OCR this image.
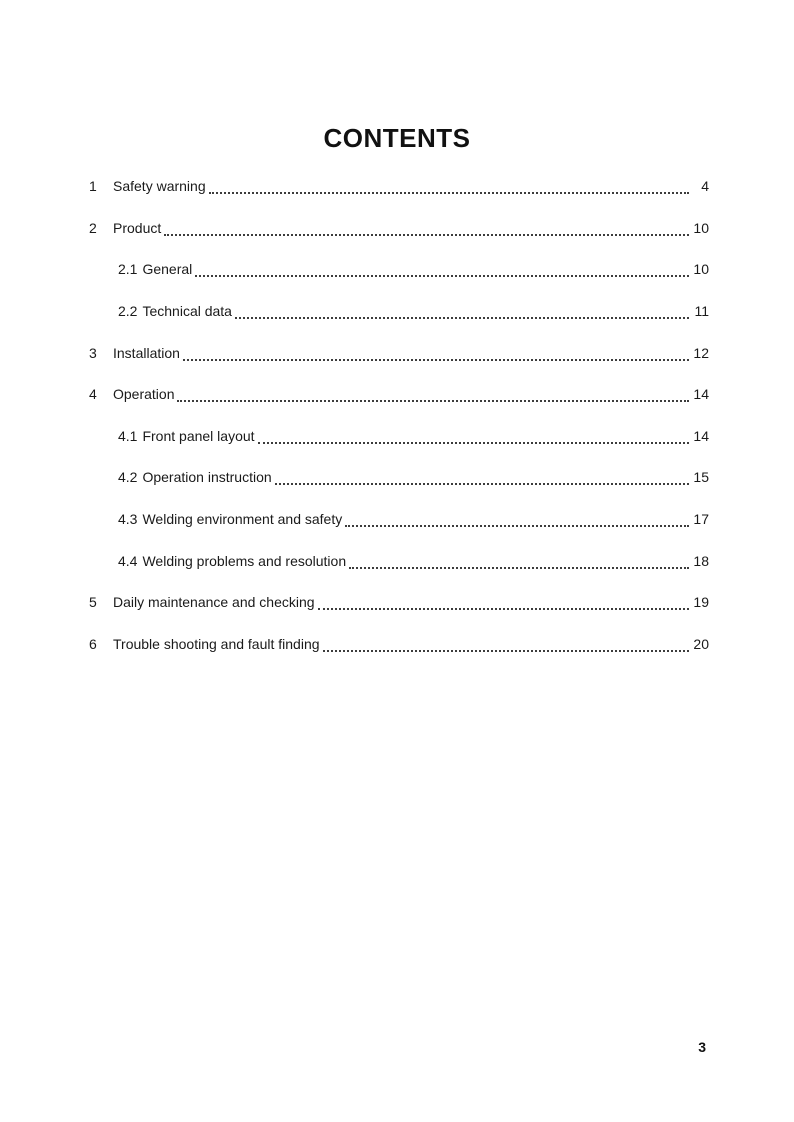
CONTENTS
1	Safety warning	4
2	Product	10
2.1 General	10
2.2 Technical data	11
3	Installation	12
4	Operation	14
4.1 Front panel layout	14
4.2 Operation instruction	15
4.3 Welding environment and safety	17
4.4 Welding problems and resolution	18
5	Daily maintenance and checking	19
6	Trouble shooting and fault finding	20
3
